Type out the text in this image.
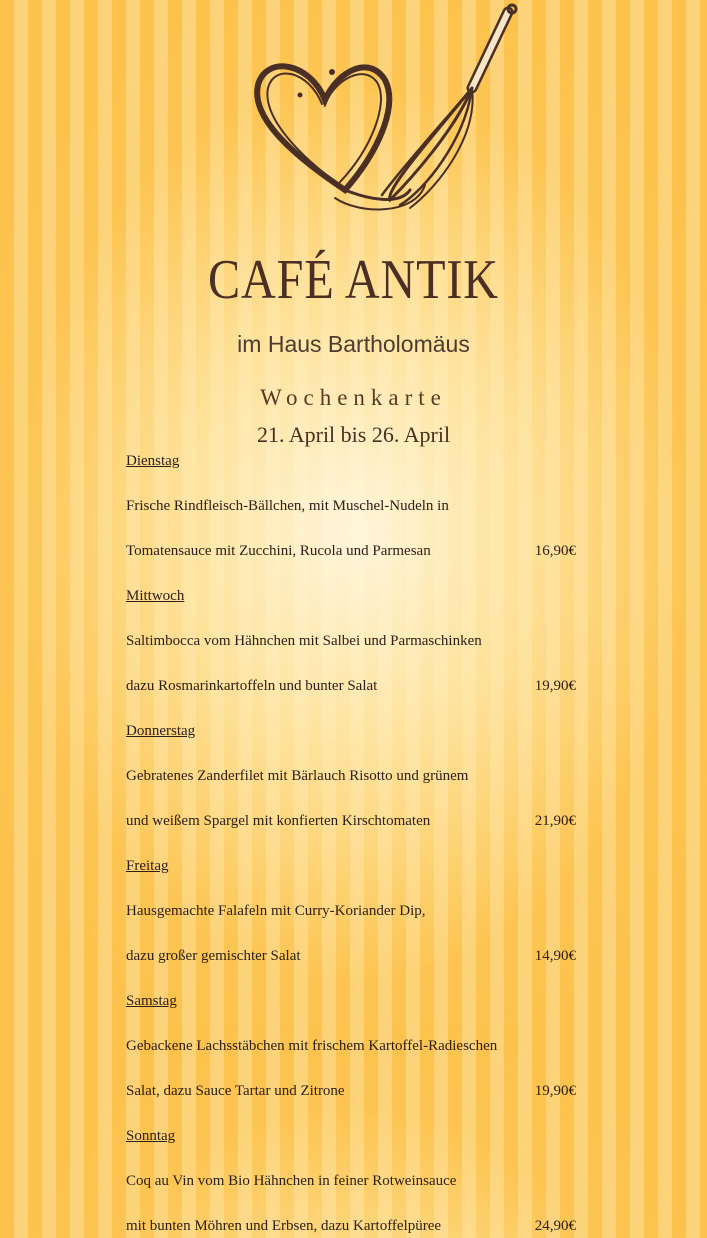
CAFÉ ANTIK
im Haus Bartholomäus
Wochenkarte
21. April bis 26. April
Dienstag
Frische Rindfleisch-Bällchen, mit Muschel-Nudeln in
Tomatensauce mit Zucchini, Rucola und Parmesan	16,90€
Mittwoch
Saltimbocca vom Hähnchen mit Salbei und Parmaschinken
dazu Rosmarinkartoffeln und bunter Salat	19,90€
Donnerstag
Gebratenes Zanderfilet mit Bärlauch Risotto und grünem
und weißem Spargel mit konfierten Kirschtomaten	21,90€
Freitag
Hausgemachte Falafeln mit Curry-Koriander Dip,
dazu großer gemischter Salat	14,90€
Samstag
Gebackene Lachsstäbchen mit frischem Kartoffel-Radieschen
Salat, dazu Sauce Tartar und Zitrone	19,90€
Sonntag
Coq au Vin vom Bio Hähnchen in feiner Rotweinsauce
mit bunten Möhren und Erbsen, dazu Kartoffelpüree	24,90€
